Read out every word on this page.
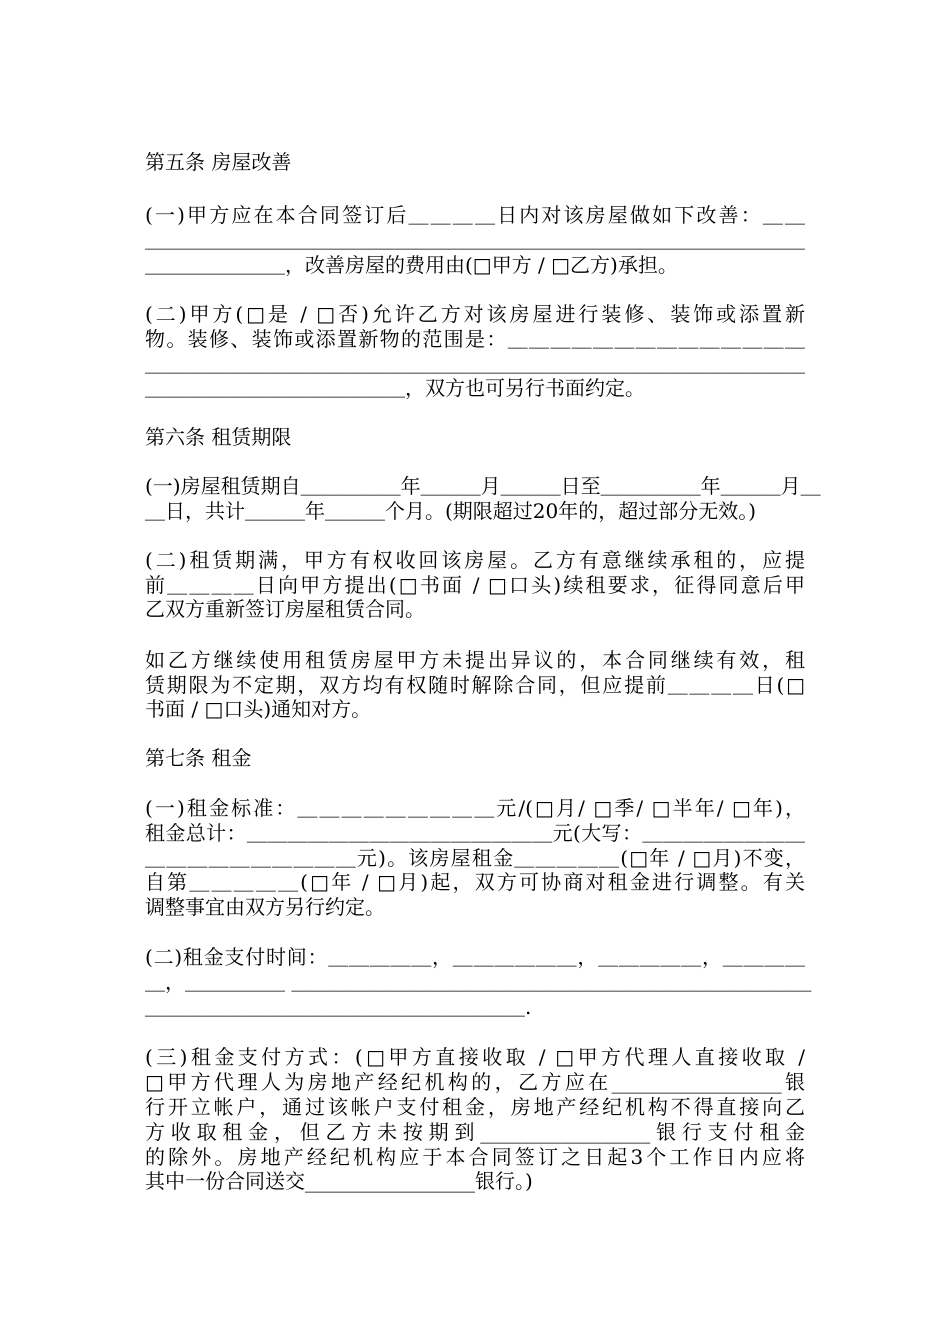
第五条 房屋改善
(一)甲方应在本合同签订后＿＿＿＿日内对该房屋做如下改善：＿＿
＿＿＿＿＿＿＿＿＿＿＿＿＿＿＿＿＿＿＿＿＿＿＿＿＿＿＿＿＿＿＿＿＿
＿＿＿＿＿＿＿，改善房屋的费用由(□甲方 / □乙方)承担。
(二)甲方(□是 / □否)允许乙方对该房屋进行装修、装饰或添置新
物。装修、装饰或添置新物的范围是：＿＿＿＿＿＿＿＿＿＿＿＿＿＿
＿＿＿＿＿＿＿＿＿＿＿＿＿＿＿＿＿＿＿＿＿＿＿＿＿＿＿＿＿＿＿＿＿
＿＿＿＿＿＿＿＿＿＿＿＿＿，双方也可另行书面约定。
第六条 租赁期限
(一)房屋租赁期自＿＿＿＿＿年＿＿＿月＿＿＿日至＿＿＿＿＿年＿＿＿月＿
＿日，共计＿＿＿年＿＿＿个月。(期限超过20年的，超过部分无效。)
(二)租赁期满，甲方有权收回该房屋。乙方有意继续承租的，应提
前＿＿＿＿日向甲方提出(□书面 / □口头)续租要求，征得同意后甲
乙双方重新签订房屋租赁合同。
如乙方继续使用租赁房屋甲方未提出异议的，本合同继续有效，租
赁期限为不定期，双方均有权随时解除合同，但应提前＿＿＿＿日(□
书面 / □口头)通知对方。
第七条 租金
(一)租金标准：＿＿＿＿＿＿＿＿＿元/(□月/ □季/ □半年/ □年)，
租金总计：＿＿＿＿＿＿＿＿＿＿＿＿＿＿＿元(大写：＿＿＿＿＿＿＿＿
＿＿＿＿＿＿＿＿＿＿元)。该房屋租金＿＿＿＿＿(□年 / □月)不变，
自第＿＿＿＿＿(□年 / □月)起，双方可协商对租金进行调整。有关
调整事宜由双方另行约定。
(二)租金支付时间：＿＿＿＿＿，＿＿＿＿＿＿，＿＿＿＿＿，＿＿＿＿
＿，＿＿＿＿＿ ＿＿＿＿＿＿＿＿＿＿＿＿＿＿＿＿＿＿＿＿＿＿＿＿＿＿
＿＿＿＿＿＿＿＿＿＿＿＿＿＿＿＿＿＿＿.
(三)租金支付方式：(□甲方直接收取 / □甲方代理人直接收取 /
□甲方代理人为房地产经纪机构的，乙方应在_________________银
行开立帐户，通过该帐户支付租金，房地产经纪机构不得直接向乙
方收取租金，但乙方未按期到_________________银行支付租金
的除外。房地产经纪机构应于本合同签订之日起3个工作日内应将
其中一份合同送交_________________银行。)
